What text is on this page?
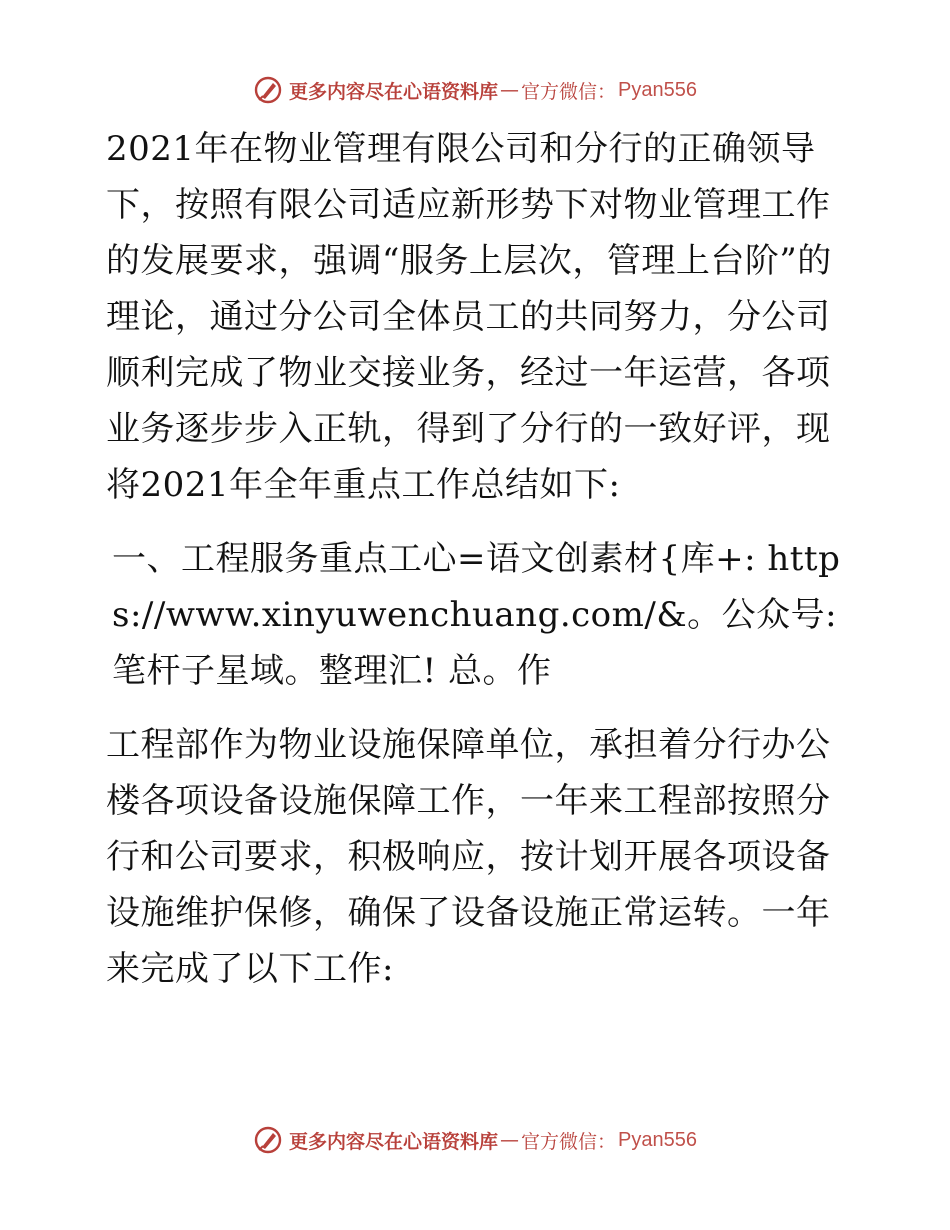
更多内容尽在心语资料库 — 官方微信： Pyan556

2021年在物业管理有限公司和分行的正确领导下，按照有限公司适应新形势下对物业管理工作的发展要求，强调“服务上层次，管理上台阶”的理论，通过分公司全体员工的共同努力，分公司顺利完成了物业交接业务，经过一年运营，各项业务逐步步入正轨，得到了分行的一致好评，现将2021年全年重点工作总结如下:

一、工程服务重点工心=语文创素材{库+: https://www.xinyuwenchuang.com/&。公众号: 笔杆子星域。整理汇! 总。作

工程部作为物业设施保障单位，承担着分行办公楼各项设备设施保障工作，一年来工程部按照分行和公司要求，积极响应，按计划开展各项设备设施维护保修，确保了设备设施正常运转。一年来完成了以下工作:

更多内容尽在心语资料库 — 官方微信： Pyan556
